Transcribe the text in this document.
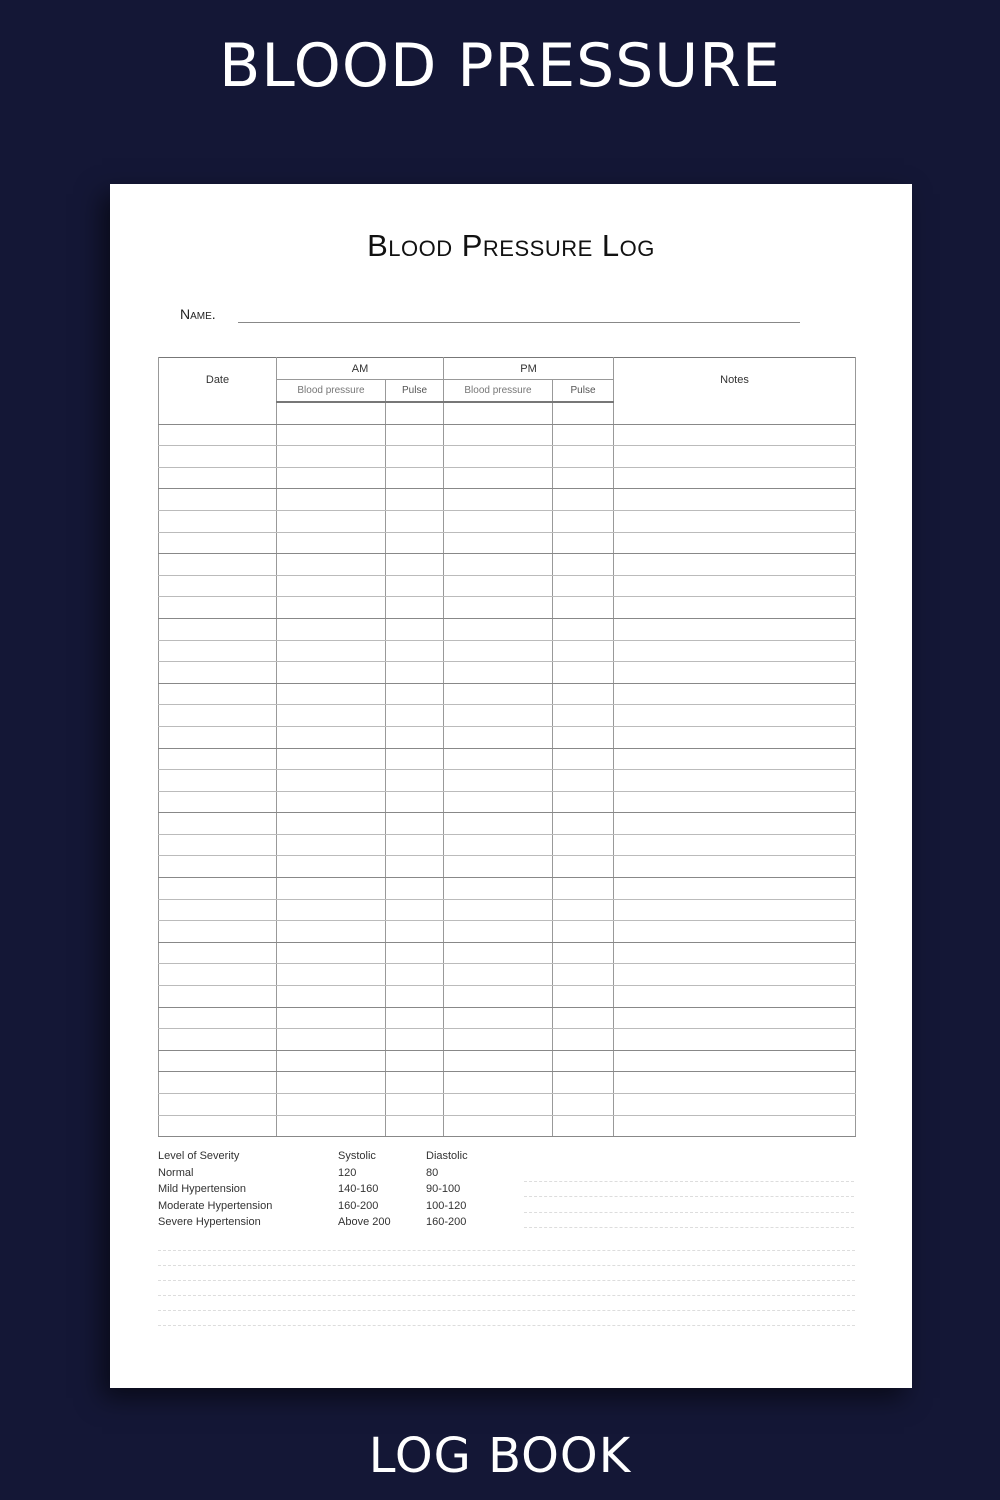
BLOOD PRESSURE
Blood Pressure Log
Name.
Date	AM		PM		Notes
	Blood pressure	Pulse	Blood pressure	Pulse	

Level of Severity	Systolic	Diastolic
Normal	120	80
Mild Hypertension	140-160	90-100
Moderate Hypertension	160-200	100-120
Severe Hypertension	Above 200	160-200
LOG BOOK
